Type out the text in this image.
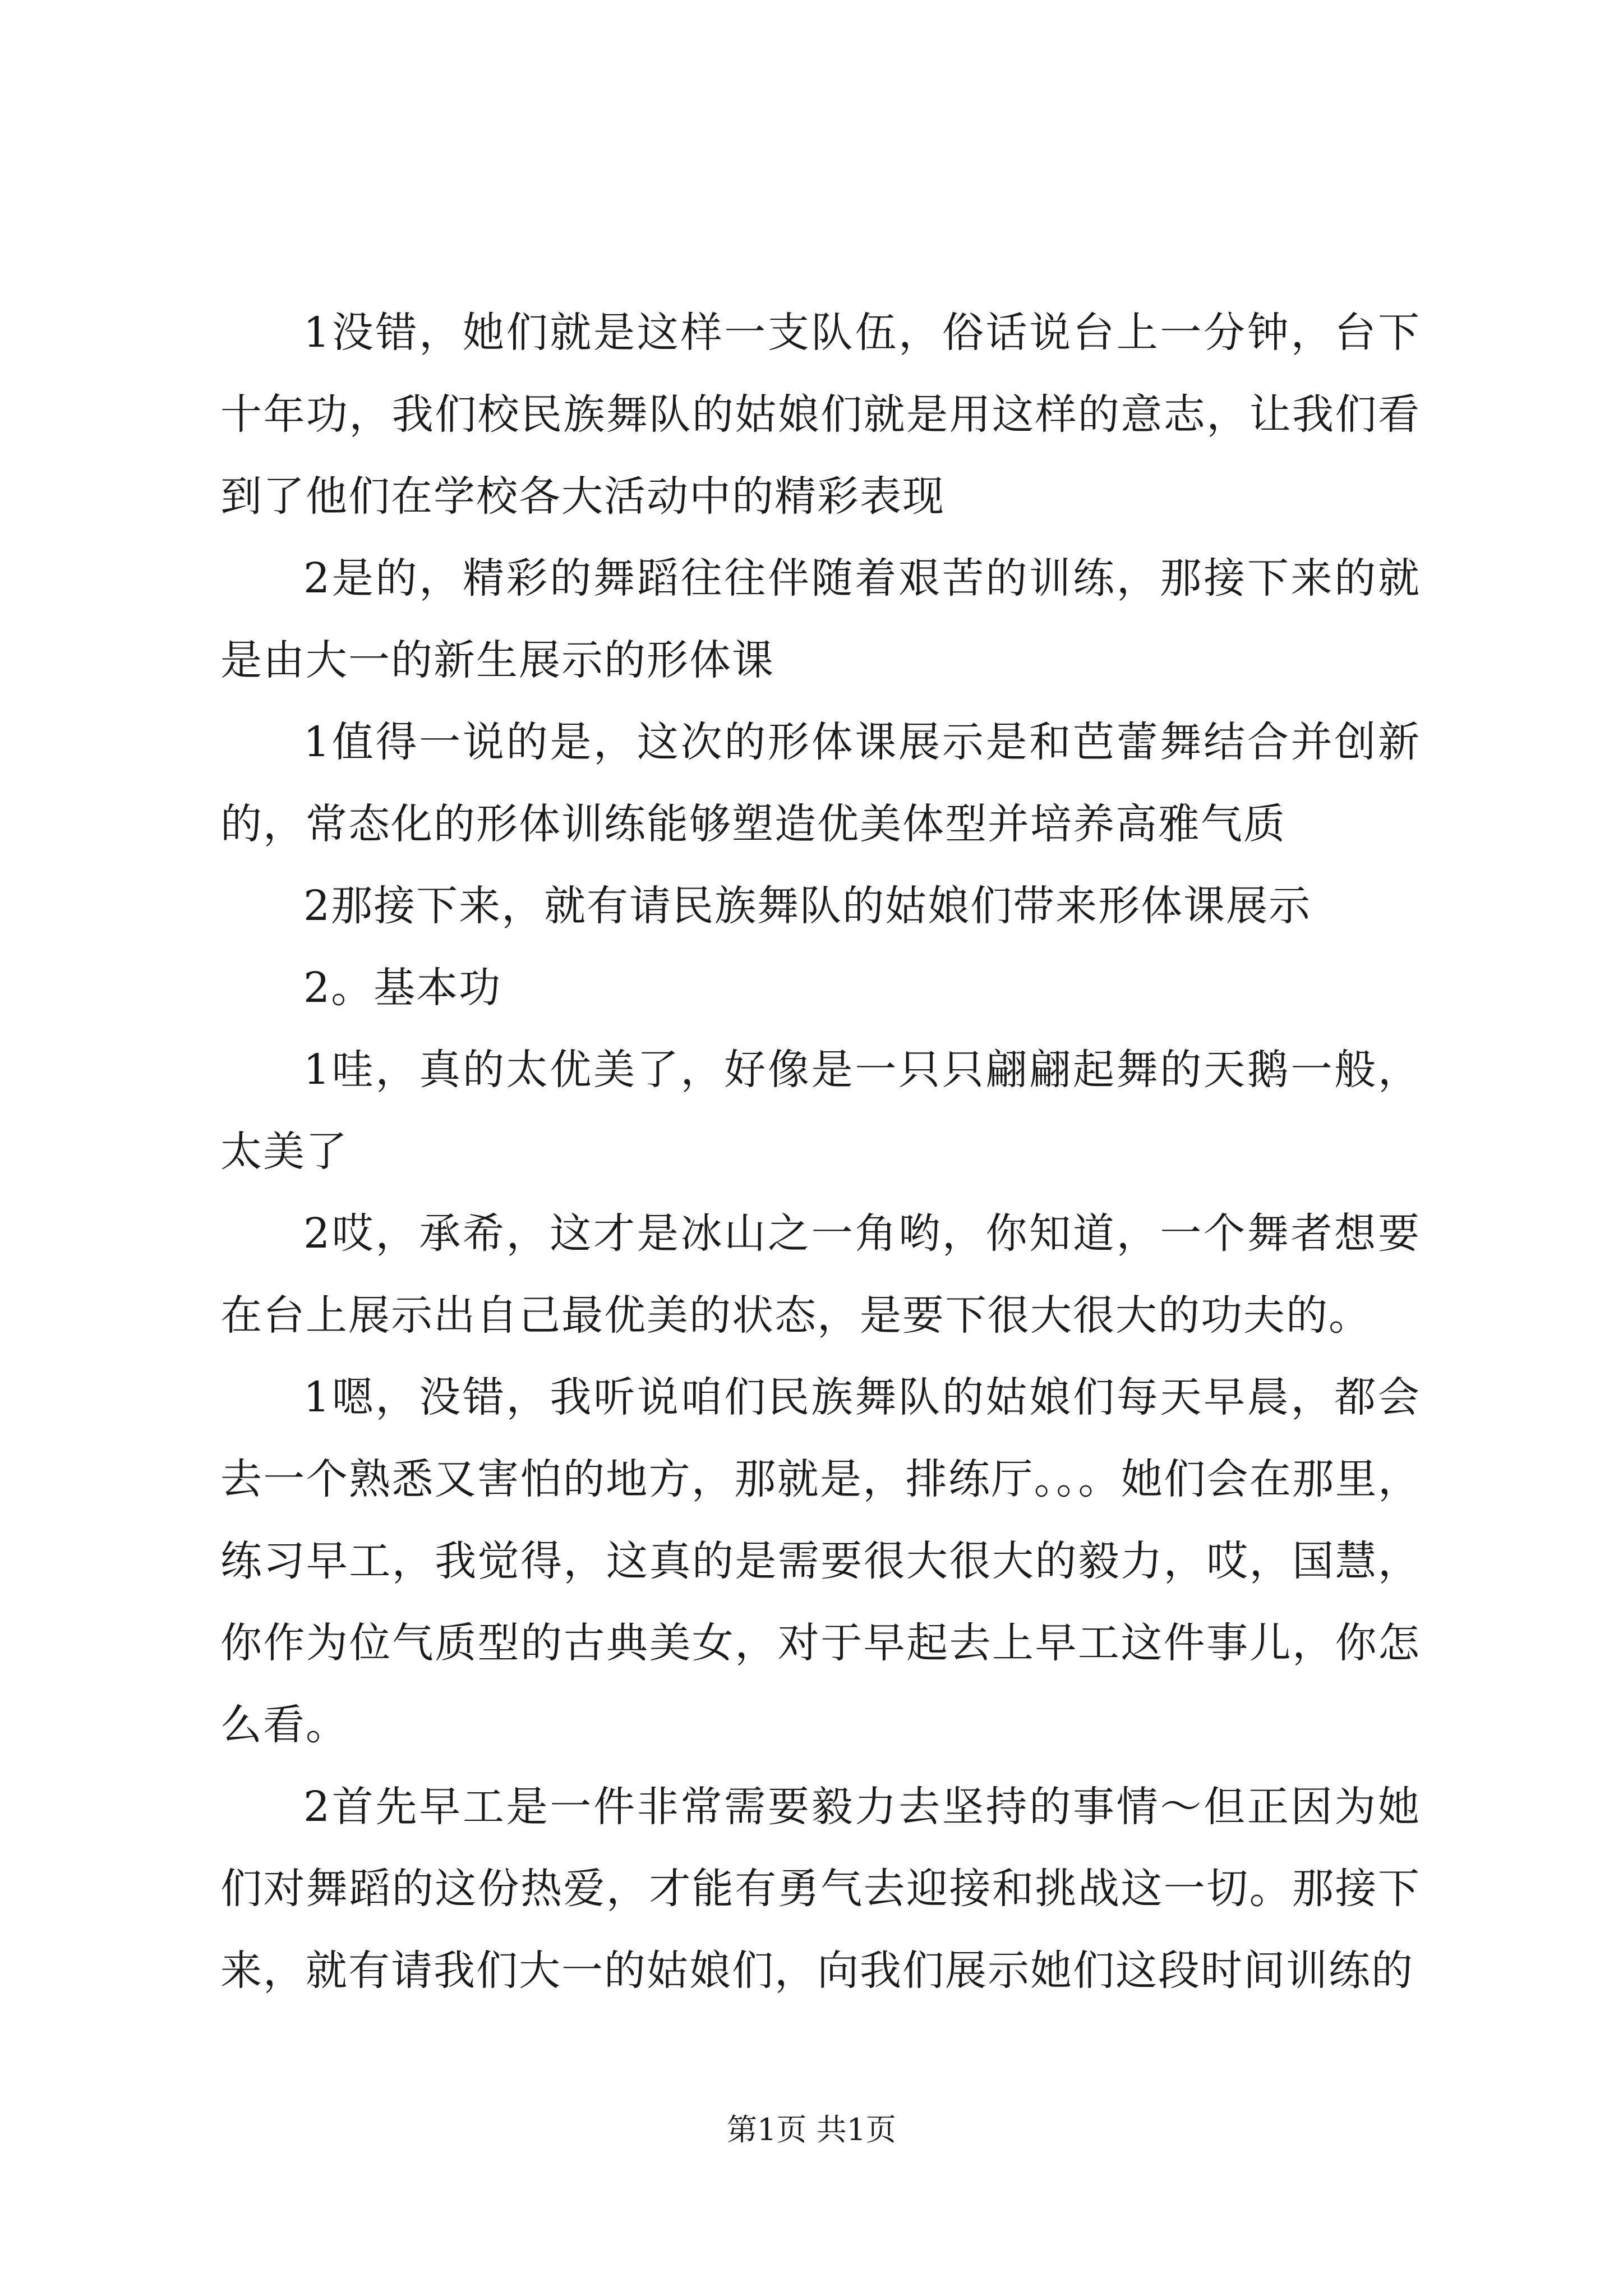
1没错，她们就是这样一支队伍，俗话说台上一分钟，台下十年功，我们校民族舞队的姑娘们就是用这样的意志，让我们看到了他们在学校各大活动中的精彩表现

2是的，精彩的舞蹈往往伴随着艰苦的训练，那接下来的就是由大一的新生展示的形体课

1值得一说的是，这次的形体课展示是和芭蕾舞结合并创新的，常态化的形体训练能够塑造优美体型并培养高雅气质

2那接下来，就有请民族舞队的姑娘们带来形体课展示

2。基本功

1哇，真的太优美了，好像是一只只翩翩起舞的天鹅一般，太美了

2哎，承希，这才是冰山之一角哟，你知道，一个舞者想要在台上展示出自己最优美的状态，是要下很大很大的功夫的。

1嗯，没错，我听说咱们民族舞队的姑娘们每天早晨，都会去一个熟悉又害怕的地方，那就是，排练厅。。。她们会在那里，练习早工，我觉得，这真的是需要很大很大的毅力，哎，国慧，你作为位气质型的古典美女，对于早起去上早工这件事儿，你怎么看。

2首先早工是一件非常需要毅力去坚持的事情～但正因为她们对舞蹈的这份热爱，才能有勇气去迎接和挑战这一切。那接下来，就有请我们大一的姑娘们，向我们展示她们这段时间训练的

第1页 共1页
